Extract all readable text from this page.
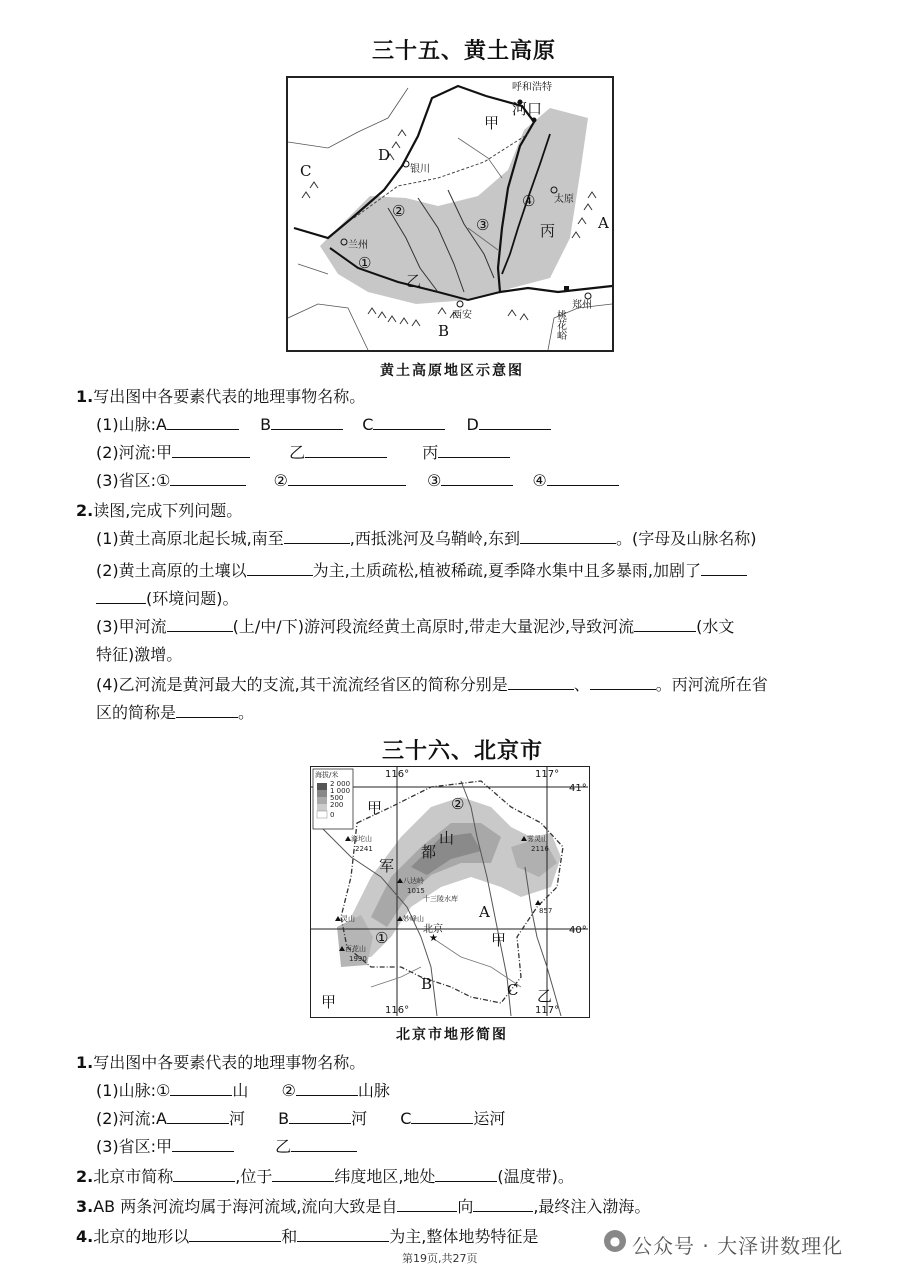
三十五、黄土高原
呼和浩特
河口
甲
D
银川
C
太原
A
丙
兰州
乙
西安
B
郑州
桃花峪
②
③
④
①
黄土高原地区示意图
1.写出图中各要素代表的地理事物名称。
(1)山脉:A	B	C	D
(2)河流:甲	乙	丙
(3)省区:①	②	③	④
2.读图,完成下列问题。
(1)黄土高原北起长城,南至	,西抵洮河及乌鞘岭,东到	。(字母及山脉名称)
(2)黄土高原的土壤以	为主,土质疏松,植被稀疏,夏季降水集中且多暴雨,加剧了
(环境问题)。
(3)甲河流	(上/中/下)游河段流经黄土高原时,带走大量泥沙,导致河流	(水文
特征)激增。
(4)乙河流是黄河最大的支流,其干流流经省区的简称分别是	、	。丙河流所在省
区的简称是	。
三十六、北京市
海拔/米
2 000
1 000
500
200
0
116°	117°
41°
40°
116°	117°
甲
甲
甲	乙
②
①
A
B	C
军
都
山
★
北京
雾灵山
2116
海坨山
2241
八达岭
1015
十三陵水库
妙峰山
灵山
百花山
1990
857
北京市地形简图
1.写出图中各要素代表的地理事物名称。
(1)山脉:①	山 ②	山脉
(2)河流:A	河 B	河 C	运河
(3)省区:甲	乙
2.北京市简称	,位于	纬度地区,地处	(温度带)。
3.AB 两条河流均属于海河流域,流向大致是自	向	,最终注入渤海。
4.北京的地形以	和	为主,整体地势特征是
第19页,共27页
● 公众号 · 大泽讲数理化
